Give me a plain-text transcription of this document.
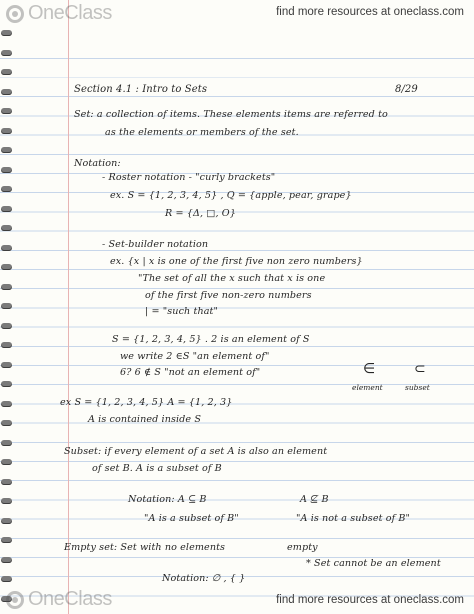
OneClass	find more resources at oneclass.com
Section 4.1 : Intro to Sets	8/29
Set: a collection of items. These elements items are referred to
as the elements or members of the set.
Notation:
- Roster notation - "curly brackets"
ex. S = {1, 2, 3, 4, 5} , Q = {apple, pear, grape}
R = {Δ, □, O}
- Set-builder notation
ex. {x | x is one of the first five non zero numbers}
"The set of all the x such that x is one
of the first five non-zero numbers
| = "such that"
S = {1, 2, 3, 4, 5} . 2 is an element of S
we write 2 ∈S "an element of"
6? 6 ∉ S "not an element of"	∈	⊂
element	subset
ex S = {1, 2, 3, 4, 5} A = {1, 2, 3}
A is contained inside S
Subset: if every element of a set A is also an element
of set B. A is a subset of B
Notation: A ⊆ B	A ⊈ B
"A is a subset of B"	"A is not a subset of B"
Empty set: Set with no elements	empty
* Set cannot be an element
Notation: ∅ , { }
OneClass	find more resources at oneclass.com
